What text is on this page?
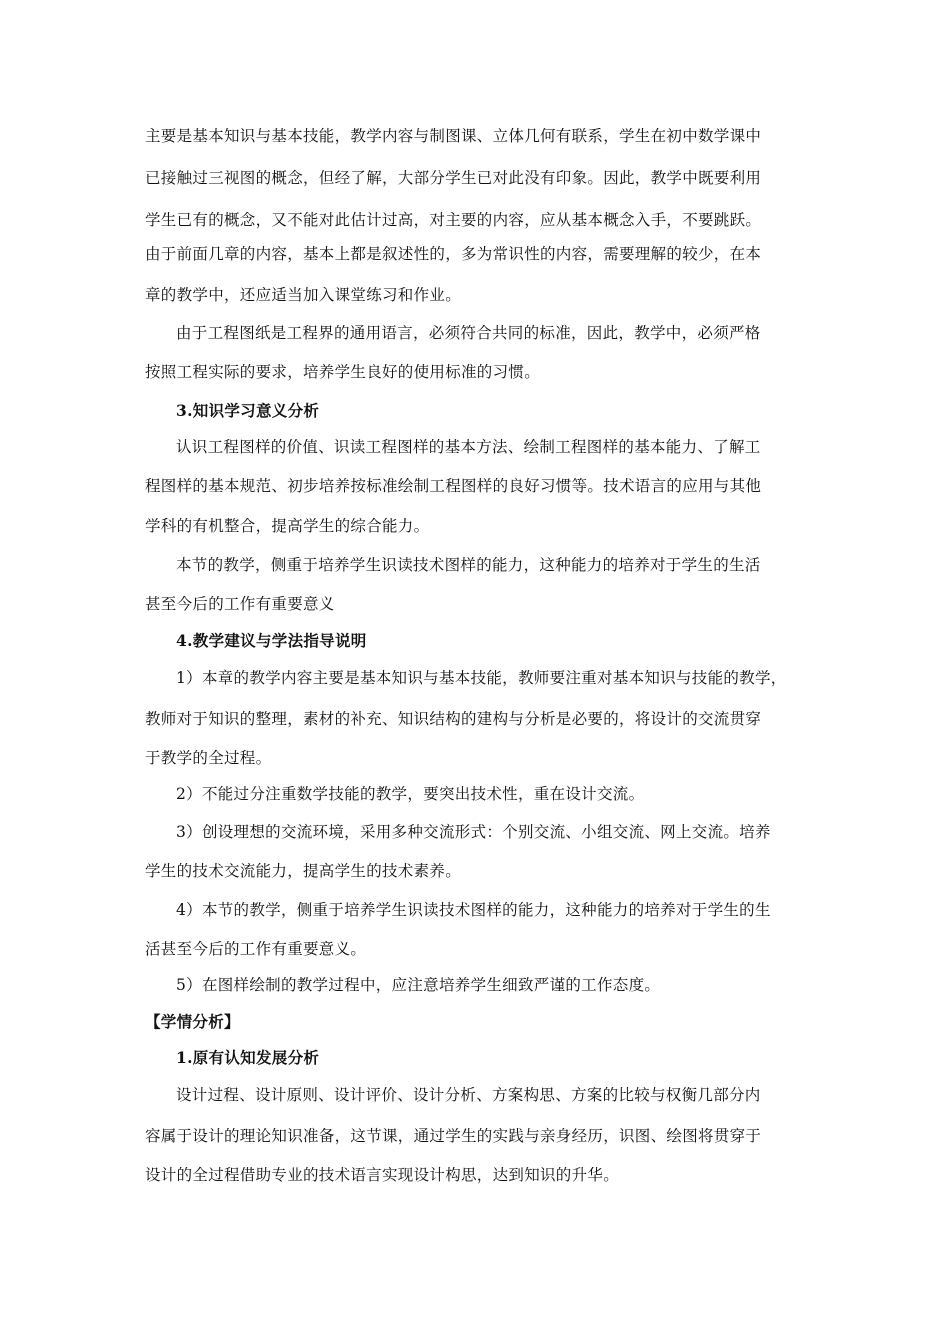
主要是基本知识与基本技能，教学内容与制图课、立体几何有联系，学生在初中数学课中
已接触过三视图的概念，但经了解，大部分学生已对此没有印象。因此，教学中既要利用
学生已有的概念，又不能对此估计过高，对主要的内容，应从基本概念入手，不要跳跃。
由于前面几章的内容，基本上都是叙述性的，多为常识性的内容，需要理解的较少，在本
章的教学中，还应适当加入课堂练习和作业。
由于工程图纸是工程界的通用语言，必须符合共同的标准，因此，教学中，必须严格
按照工程实际的要求，培养学生良好的使用标准的习惯。
3.知识学习意义分析
认识工程图样的价值、识读工程图样的基本方法、绘制工程图样的基本能力、了解工
程图样的基本规范、初步培养按标准绘制工程图样的良好习惯等。技术语言的应用与其他
学科的有机整合，提高学生的综合能力。
本节的教学，侧重于培养学生识读技术图样的能力，这种能力的培养对于学生的生活
甚至今后的工作有重要意义
4.教学建议与学法指导说明
1）本章的教学内容主要是基本知识与基本技能，教师要注重对基本知识与技能的教学，
教师对于知识的整理，素材的补充、知识结构的建构与分析是必要的，将设计的交流贯穿
于教学的全过程。
2）不能过分注重数学技能的教学，要突出技术性，重在设计交流。
3）创设理想的交流环境，采用多种交流形式：个别交流、小组交流、网上交流。培养
学生的技术交流能力，提高学生的技术素养。
4）本节的教学，侧重于培养学生识读技术图样的能力，这种能力的培养对于学生的生
活甚至今后的工作有重要意义。
5）在图样绘制的教学过程中，应注意培养学生细致严谨的工作态度。
【学情分析】
1.原有认知发展分析
设计过程、设计原则、设计评价、设计分析、方案构思、方案的比较与权衡几部分内
容属于设计的理论知识准备，这节课，通过学生的实践与亲身经历，识图、绘图将贯穿于
设计的全过程借助专业的技术语言实现设计构思，达到知识的升华。
